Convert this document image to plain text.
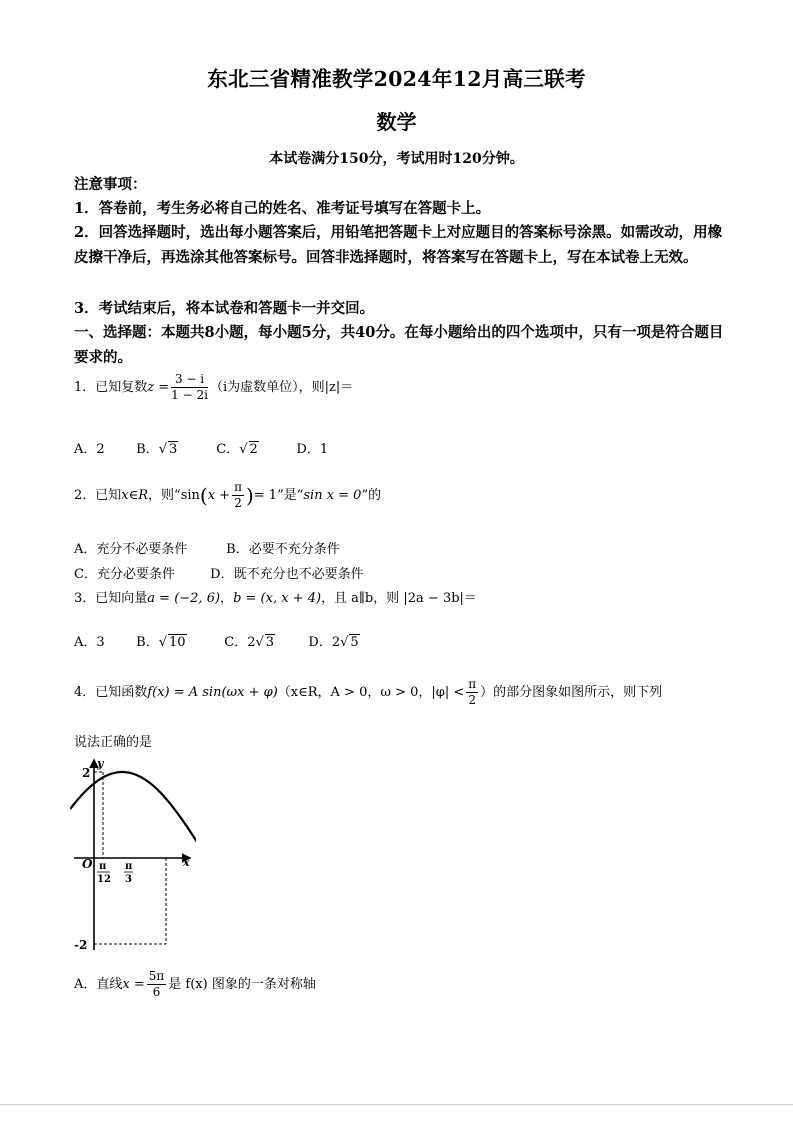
东北三省精准教学2024年12月高三联考
数学
本试卷满分150分，考试用时120分钟。
注意事项：
1．答卷前，考生务必将自己的姓名、准考证号填写在答题卡上。
2．回答选择题时，选出每小题答案后，用铅笔把答题卡上对应题目的答案标号涂黑。如需改动，用橡皮擦干净后，再选涂其他答案标号。回答非选择题时，将答案写在答题卡上，写在本试卷上无效。
3．考试结束后，将本试卷和答题卡一并交回。
一、选择题：本题共8小题，每小题5分，共40分。在每小题给出的四个选项中，只有一项是符合题目要求的。
1．已知复数$z = \frac{3 - i}{1 - 2i} (i$为虚数单位），则|z|＝
A．2 B．√ 3	C．√ 2	D．1
2．已知x∈R，则“$\sin(x + \frac{\pi}{2}$ )= 1”是“sin x = 0”的
A．充分不必要条件	B．必要不充分条件
C．充分必要条件	D．既不充分也不必要条件
3．已知向量a = (−2, 6)，b = (x, x + 4)，且 a∥b，则 |2a − 3b|＝
A．3 B．√ 10	C．2√ 3	D．2√ 5
4．已知函数f(x) = A sin(ωx + φ)（x∈R，A > 0，ω > 0，$|\varphi| < \frac{\pi}{2}$ ）的部分图象如图所示，则下列
说法正确的是
y
x
2
-2
O π
12
π
3
A．直线$x = \frac{5\pi}{6}$ 是 f(x) 图象的一条对称轴
